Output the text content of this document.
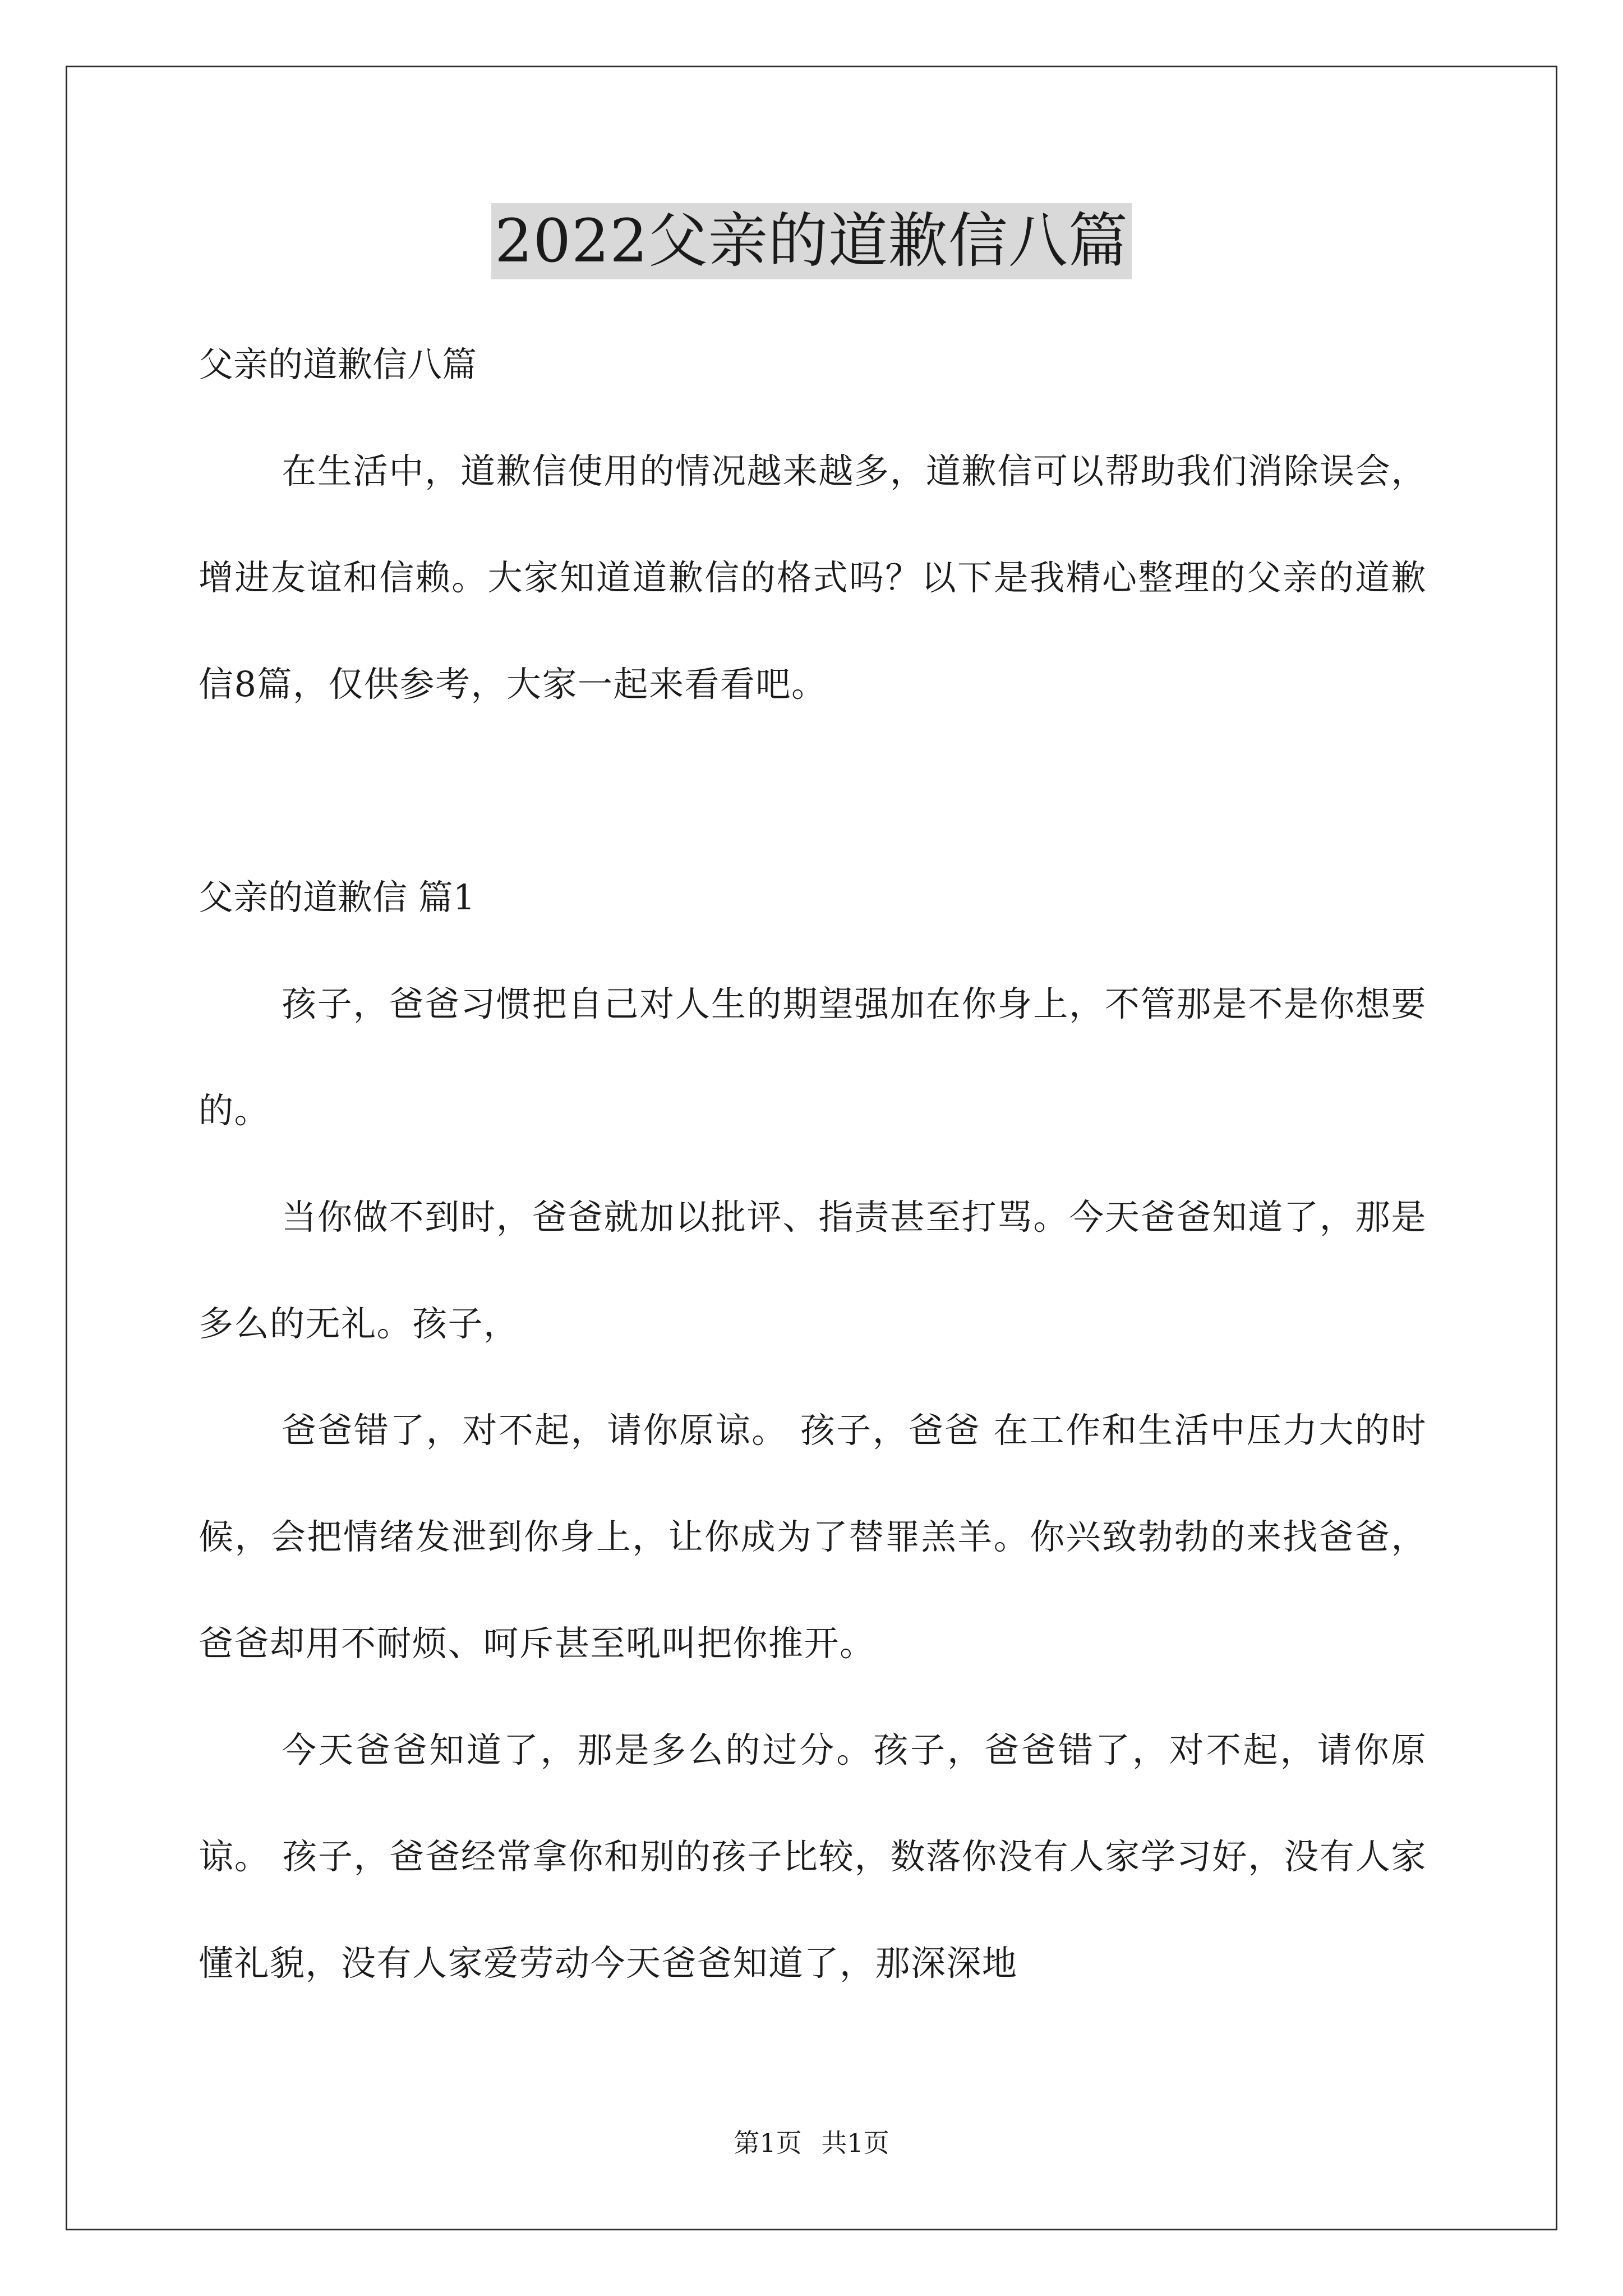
2022父亲的道歉信八篇

父亲的道歉信八篇

在生活中，道歉信使用的情况越来越多，道歉信可以帮助我们消除误会，增进友谊和信赖。大家知道道歉信的格式吗？以下是我精心整理的父亲的道歉信8篇，仅供参考，大家一起来看看吧。

父亲的道歉信 篇1

孩子，爸爸习惯把自己对人生的期望强加在你身上，不管那是不是你想要的。

当你做不到时，爸爸就加以批评、指责甚至打骂。今天爸爸知道了，那是多么的无礼。孩子，

爸爸错了，对不起，请你原谅。 孩子，爸爸 在工作和生活中压力大的时候，会把情绪发泄到你身上，让你成为了替罪羔羊。你兴致勃勃的来找爸爸，爸爸却用不耐烦、呵斥甚至吼叫把你推开。

今天爸爸知道了，那是多么的过分。孩子，爸爸错了，对不起，请你原谅。 孩子，爸爸经常拿你和别的孩子比较，数落你没有人家学习好，没有人家懂礼貌，没有人家爱劳动今天爸爸知道了，那深深地

第1页 共1页
